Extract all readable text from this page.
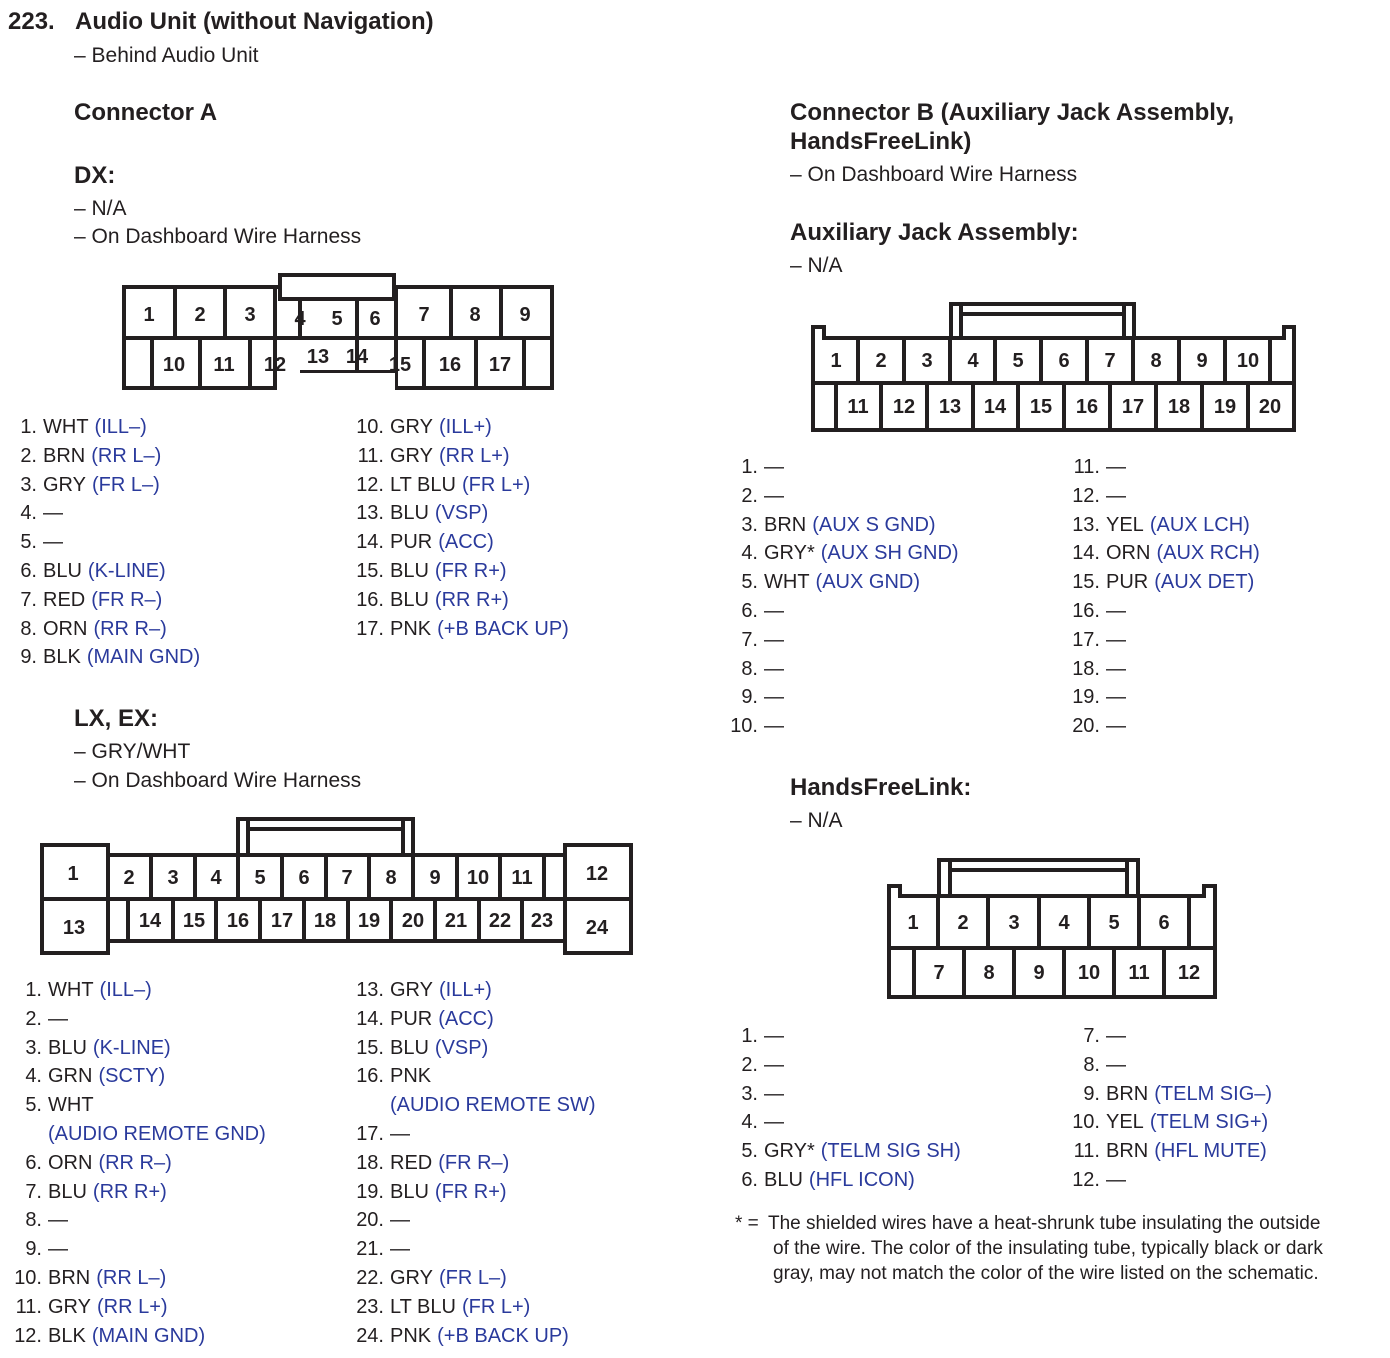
223. Audio Unit (without Navigation)
– Behind Audio Unit
Connector A
DX:
– N/A
– On Dashboard Wire Harness
1 2 3 4 5 6 7 8 9
10 11 12 13 14 15 16 17
1. WHT (ILL–)
2. BRN (RR L–)
3. GRY (FR L–)
4. —
5. —
6. BLU (K-LINE)
7. RED (FR R–)
8. ORN (RR R–)
9. BLK (MAIN GND)
10. GRY (ILL+)
11. GRY (RR L+)
12. LT BLU (FR L+)
13. BLU (VSP)
14. PUR (ACC)
15. BLU (FR R+)
16. BLU (RR R+)
17. PNK (+B BACK UP)
LX, EX:
– GRY/WHT
– On Dashboard Wire Harness
1 2 3 4 5 6 7 8 9 10 11	12
13	14 15 16 17 18 19 20 21 22 23 24
1. WHT (ILL–)
2. —
3. BLU (K-LINE)
4. GRN (SCTY)
5. WHT
(AUDIO REMOTE GND)
6. ORN (RR R–)
7. BLU (RR R+)
8. —
9. —
10. BRN (RR L–)
11. GRY (RR L+)
12. BLK (MAIN GND)
13. GRY (ILL+)
14. PUR (ACC)
15. BLU (VSP)
16. PNK
(AUDIO REMOTE SW)
17. —
18. RED (FR R–)
19. BLU (FR R+)
20. —
21. —
22. GRY (FR L–)
23. LT BLU (FR L+)
24. PNK (+B BACK UP)
Connector B (Auxiliary Jack Assembly,
HandsFreeLink)
– On Dashboard Wire Harness
Auxiliary Jack Assembly:
– N/A
1 2 3 4 5 6 7 8 9 10
11 12 13 14 15 16 17 18 19 20
1. —
2. —
3. BRN (AUX S GND)
4. GRY* (AUX SH GND)
5. WHT (AUX GND)
6. —
7. —
8. —
9. —
10. —
11. —
12. —
13. YEL (AUX LCH)
14. ORN (AUX RCH)
15. PUR (AUX DET)
16. —
17. —
18. —
19. —
20. —
HandsFreeLink:
– N/A
1 2 3 4 5 6
7 8 9 10 11 12
1. —
2. —
3. —
4. —
5. GRY* (TELM SIG SH)
6. BLU (HFL ICON)
7. —
8. —
9. BRN (TELM SIG–)
10. YEL (TELM SIG+)
11. BRN (HFL MUTE)
12. —
* = The shielded wires have a heat-shrunk tube insulating the outside
of the wire. The color of the insulating tube, typically black or dark
gray, may not match the color of the wire listed on the schematic.
